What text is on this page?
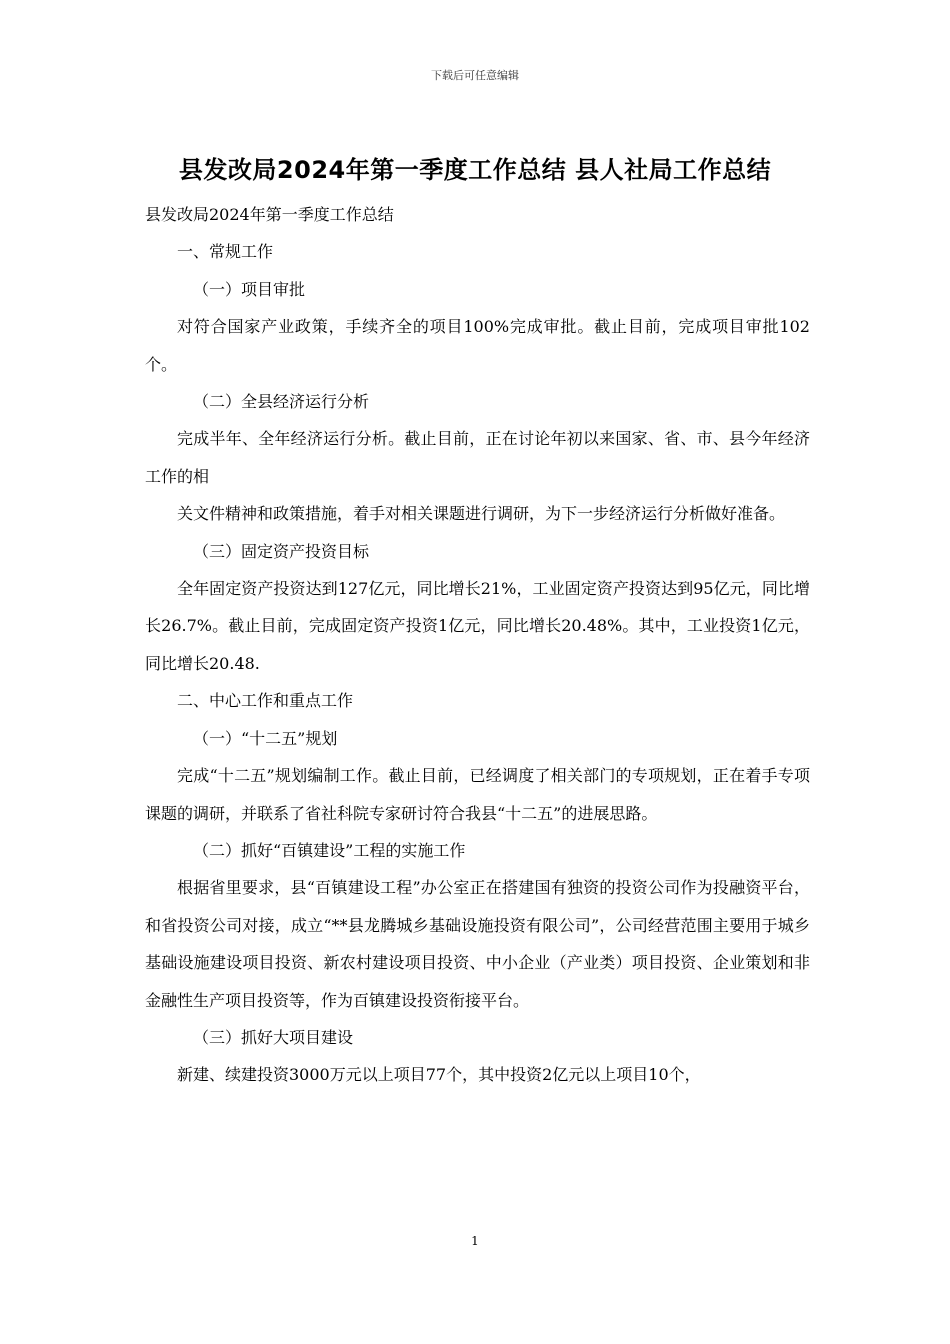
下载后可任意编辑
县发改局2024年第一季度工作总结 县人社局工作总结

县发改局2024年第一季度工作总结

一、常规工作

（一）项目审批

对符合国家产业政策，手续齐全的项目100%完成审批。截止目前，完成项目审批102个。

（二）全县经济运行分析

完成半年、全年经济运行分析。截止目前，正在讨论年初以来国家、省、市、县今年经济工作的相

关文件精神和政策措施，着手对相关课题进行调研，为下一步经济运行分析做好准备。

（三）固定资产投资目标

全年固定资产投资达到127亿元，同比增长21%，工业固定资产投资达到95亿元，同比增长26.7%。截止目前，完成固定资产投资1亿元，同比增长20.48%。其中，工业投资1亿元，同比增长20.48.

二、中心工作和重点工作

（一）“十二五”规划

完成“十二五”规划编制工作。截止目前，已经调度了相关部门的专项规划，正在着手专项课题的调研，并联系了省社科院专家研讨符合我县“十二五”的进展思路。

（二）抓好“百镇建设”工程的实施工作

根据省里要求，县“百镇建设工程”办公室正在搭建国有独资的投资公司作为投融资平台，和省投资公司对接，成立“**县龙腾城乡基础设施投资有限公司”，公司经营范围主要用于城乡基础设施建设项目投资、新农村建设项目投资、中小企业（产业类）项目投资、企业策划和非金融性生产项目投资等，作为百镇建设投资衔接平台。

（三）抓好大项目建设

新建、续建投资3000万元以上项目77个，其中投资2亿元以上项目10个，

1
